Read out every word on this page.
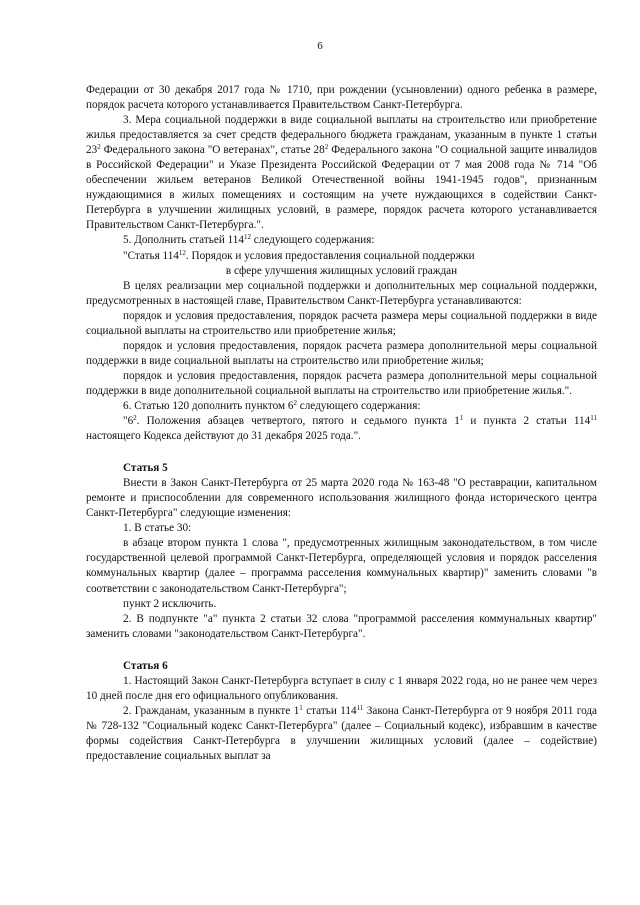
6

Федерации от 30 декабря 2017 года № 1710, при рождении (усыновлении) одного ребенка в размере, порядок расчета которого устанавливается Правительством Санкт-Петербурга.

3. Мера социальной поддержки в виде социальной выплаты на строительство или приобретение жилья предоставляется за счет средств федерального бюджета гражданам, указанным в пункте 1 статьи $23^2$ Федерального закона "О ветеранах", статье $28^2$ Федерального закона "О социальной защите инвалидов в Российской Федерации" и Указе Президента Российской Федерации от 7 мая 2008 года № 714 "Об обеспечении жильем ветеранов Великой Отечественной войны 1941-1945 годов", признанным нуждающимися в жилых помещениях и состоящим на учете нуждающихся в содействии Санкт-Петербурга в улучшении жилищных условий, в размере, порядок расчета которого устанавливается Правительством Санкт-Петербурга.".

5. Дополнить статьей $114^{12}$ следующего содержания:

"Статья $114^{12}$. Порядок и условия предоставления социальной поддержки

в сфере улучшения жилищных условий граждан

В целях реализации мер социальной поддержки и дополнительных мер социальной поддержки, предусмотренных в настоящей главе, Правительством Санкт-Петербурга устанавливаются:

порядок и условия предоставления, порядок расчета размера меры социальной поддержки в виде социальной выплаты на строительство или приобретение жилья;

порядок и условия предоставления, порядок расчета размера дополнительной меры социальной поддержки в виде социальной выплаты на строительство или приобретение жилья;

порядок и условия предоставления, порядок расчета размера дополнительной меры социальной поддержки в виде дополнительной социальной выплаты на строительство или приобретение жилья.".

6. Статью 120 дополнить пунктом $6^2$ следующего содержания:

"$6^2$. Положения абзацев четвертого, пятого и седьмого пункта $1^1$ и пункта 2 статьи $114^{11}$ настоящего Кодекса действуют до 31 декабря 2025 года.".

Статья 5

Внести в Закон Санкт-Петербурга от 25 марта 2020 года № 163-48 "О реставрации, капитальном ремонте и приспособлении для современного использования жилищного фонда исторического центра Санкт-Петербурга" следующие изменения:

1. В статье 30:

в абзаце втором пункта 1 слова ", предусмотренных жилищным законодательством, в том числе государственной целевой программой Санкт-Петербурга, определяющей условия и порядок расселения коммунальных квартир (далее – программа расселения коммунальных квартир)" заменить словами "в соответствии с законодательством Санкт-Петербурга";

пункт 2 исключить.

2. В подпункте "а" пункта 2 статьи 32 слова "программой расселения коммунальных квартир" заменить словами "законодательством Санкт-Петербурга".

Статья 6

1. Настоящий Закон Санкт-Петербурга вступает в силу с 1 января 2022 года, но не ранее чем через 10 дней после дня его официального опубликования.

2. Гражданам, указанным в пункте $1^1$ статьи $114^{11}$ Закона Санкт-Петербурга от 9 ноября 2011 года № 728-132 "Социальный кодекс Санкт-Петербурга" (далее – Социальный кодекс), избравшим в качестве формы содействия Санкт-Петербурга в улучшении жилищных условий (далее – содействие) предоставление социальных выплат за
